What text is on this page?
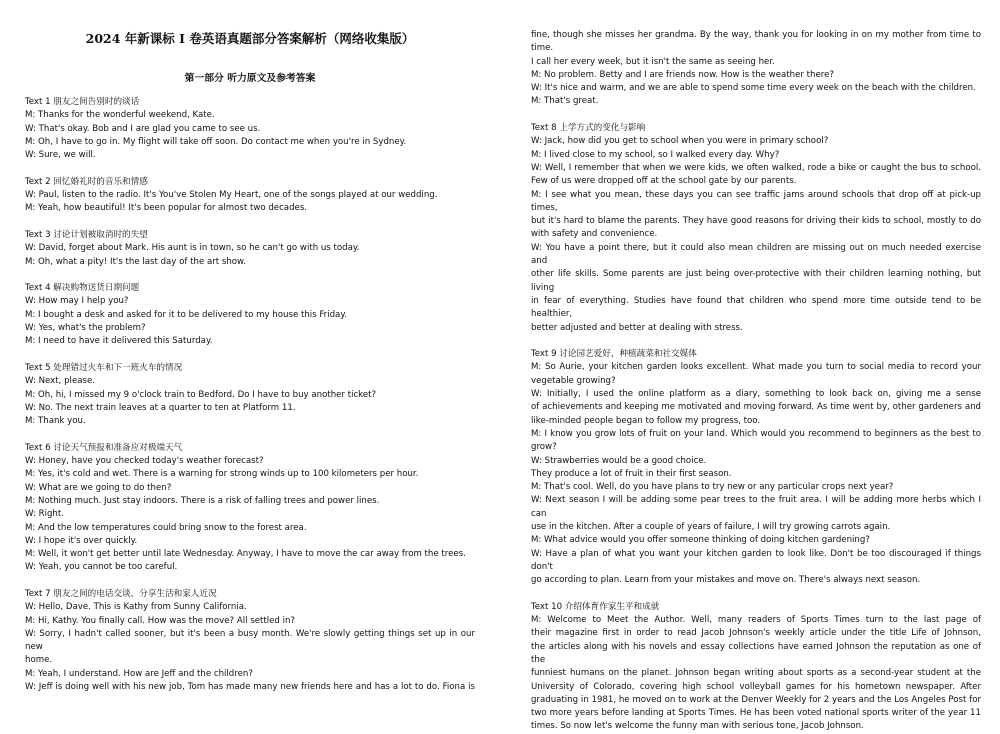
2024 年新课标 I 卷英语真题部分答案解析（网络收集版）
第一部分 听力原文及参考答案
Text 1 朋友之间告别时的谈话
M: Thanks for the wonderful weekend, Kate.
W: That's okay. Bob and I are glad you came to see us.
M: Oh, I have to go in. My flight will take off soon. Do contact me when you're in Sydney.
W: Sure, we will.
Text 2 回忆婚礼时的音乐和情感
W: Paul, listen to the radio. It's You've Stolen My Heart, one of the songs played at our wedding.
M: Yeah, how beautiful! It's been popular for almost two decades.
Text 3 讨论计划被取消时的失望
W: David, forget about Mark. His aunt is in town, so he can't go with us today.
M: Oh, what a pity! It's the last day of the art show.
Text 4 解决购物送货日期问题
W: How may I help you?
M: I bought a desk and asked for it to be delivered to my house this Friday.
W: Yes, what's the problem?
M: I need to have it delivered this Saturday.
Text 5 处理错过火车和下一班火车的情况
W: Next, please.
M: Oh, hi, I missed my 9 o'clock train to Bedford. Do I have to buy another ticket?
W: No. The next train leaves at a quarter to ten at Platform 11.
M: Thank you.
Text 6 讨论天气预报和准备应对极端天气
W: Honey, have you checked today's weather forecast?
M: Yes, it's cold and wet. There is a warning for strong winds up to 100 kilometers per hour.
W: What are we going to do then?
M: Nothing much. Just stay indoors. There is a risk of falling trees and power lines.
W: Right.
M: And the low temperatures could bring snow to the forest area.
W: I hope it's over quickly.
M: Well, it won't get better until late Wednesday. Anyway, I have to move the car away from the trees.
W: Yeah, you cannot be too careful.
Text 7 朋友之间的电话交谈，分享生活和家人近况
W: Hello, Dave. This is Kathy from Sunny California.
M: Hi, Kathy. You finally call. How was the move? All settled in?
W: Sorry, I hadn't called sooner, but it's been a busy month. We're slowly getting things set up in our new
home.
M: Yeah, I understand. How are Jeff and the children?
W: Jeff is doing well with his new job, Tom has made many new friends here and has a lot to do. Fiona is
fine, though she misses her grandma. By the way, thank you for looking in on my mother from time to time.
I call her every week, but it isn't the same as seeing her.
M: No problem. Betty and I are friends now. How is the weather there?
W: It's nice and warm, and we are able to spend some time every week on the beach with the children.
M: That's great.
Text 8 上学方式的变化与影响
W: Jack, how did you get to school when you were in primary school?
M: I lived close to my school, so I walked every day. Why?
W: Well, I remember that when we were kids, we often walked, rode a bike or caught the bus to school.
Few of us were dropped off at the school gate by our parents.
M: I see what you mean, these days you can see traffic jams around schools that drop off at pick-up times,
but it's hard to blame the parents. They have good reasons for driving their kids to school, mostly to do
with safety and convenience.
W: You have a point there, but it could also mean children are missing out on much needed exercise and
other life skills. Some parents are just being over-protective with their children learning nothing, but living
in fear of everything. Studies have found that children who spend more time outside tend to be healthier,
better adjusted and better at dealing with stress.
Text 9 讨论园艺爱好，种植蔬菜和社交媒体
M: So Aurie, your kitchen garden looks excellent. What made you turn to social media to record your
vegetable growing?
W: Initially, I used the online platform as a diary, something to look back on, giving me a sense
of achievements and keeping me motivated and moving forward. As time went by, other gardeners and
like-minded people began to follow my progress, too.
M: I know you grow lots of fruit on your land. Which would you recommend to beginners as the best to
grow?
W: Strawberries would be a good choice.
They produce a lot of fruit in their first season.
M: That's cool. Well, do you have plans to try new or any particular crops next year?
W: Next season I will be adding some pear trees to the fruit area. I will be adding more herbs which I can
use in the kitchen. After a couple of years of failure, I will try growing carrots again.
M: What advice would you offer someone thinking of doing kitchen gardening?
W: Have a plan of what you want your kitchen garden to look like. Don't be too discouraged if things don't
go according to plan. Learn from your mistakes and move on. There's always next season.
Text 10 介绍体育作家生平和成就
M: Welcome to Meet the Author. Well, many readers of Sports Times turn to the last page of
their magazine first in order to read Jacob Johnson's weekly article under the title Life of Johnson,
the articles along with his novels and essay collections have earned Johnson the reputation as one of the
funniest humans on the planet. Johnson began writing about sports as a second-year student at the
University of Colorado, covering high school volleyball games for his hometown newspaper. After
graduating in 1981, he moved on to work at the Denver Weekly for 2 years and the Los Angeles Post for
two more years before landing at Sports Times. He has been voted national sports writer of the year 11
times. So now let's welcome the funny man with serious tone, Jacob Johnson.
